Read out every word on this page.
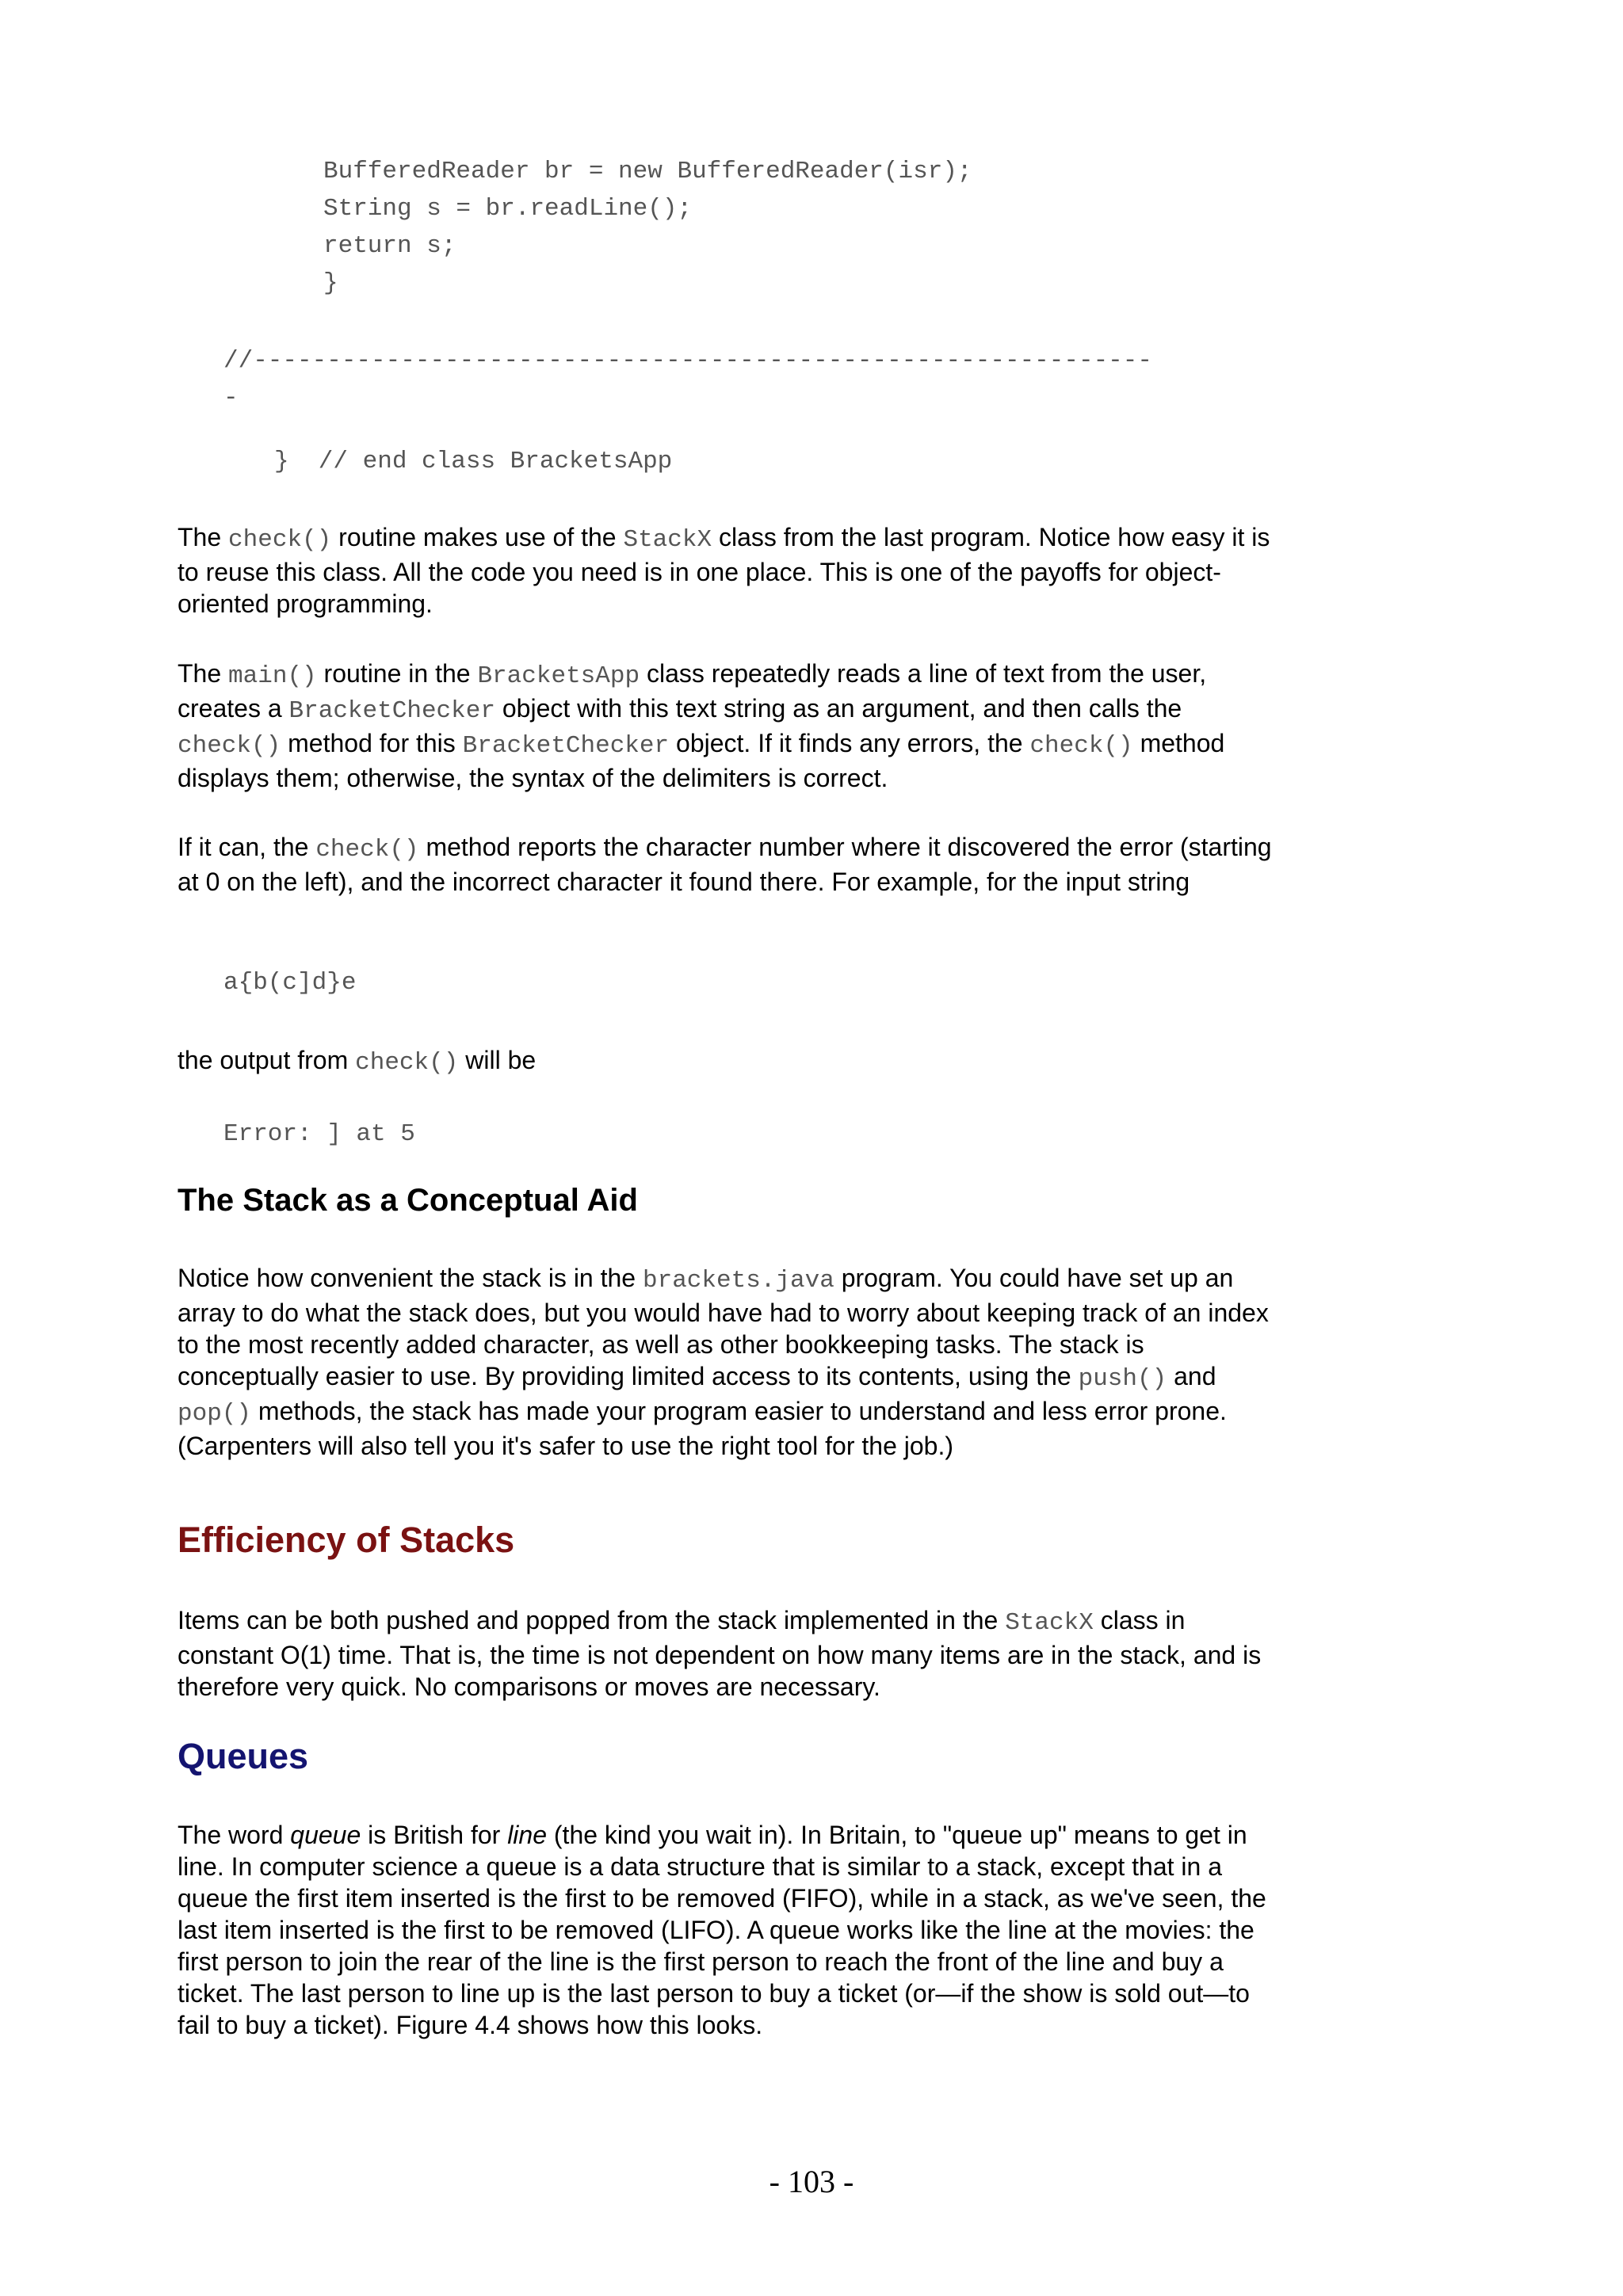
BufferedReader br = new BufferedReader(isr);
String s = br.readLine();
return s;
}
//-------------------------------------------------------------
-
}  // end class BracketsApp

The check() routine makes use of the StackX class from the last program. Notice how easy it is to reuse this class. All the code you need is in one place. This is one of the payoffs for object-oriented programming.

The main() routine in the BracketsApp class repeatedly reads a line of text from the user, creates a BracketChecker object with this text string as an argument, and then calls the check() method for this BracketChecker object. If it finds any errors, the check() method displays them; otherwise, the syntax of the delimiters is correct.

If it can, the check() method reports the character number where it discovered the error (starting at 0 on the left), and the incorrect character it found there. For example, for the input string

a{b(c]d}e

the output from check() will be

Error: ] at 5
The Stack as a Conceptual Aid

Notice how convenient the stack is in the brackets.java program. You could have set up an array to do what the stack does, but you would have had to worry about keeping track of an index to the most recently added character, as well as other bookkeeping tasks. The stack is conceptually easier to use. By providing limited access to its contents, using the push() and pop() methods, the stack has made your program easier to understand and less error prone. (Carpenters will also tell you it's safer to use the right tool for the job.)

Efficiency of Stacks

Items can be both pushed and popped from the stack implemented in the StackX class in constant O(1) time. That is, the time is not dependent on how many items are in the stack, and is therefore very quick. No comparisons or moves are necessary.

Queues

The word queue is British for line (the kind you wait in). In Britain, to "queue up" means to get in line. In computer science a queue is a data structure that is similar to a stack, except that in a queue the first item inserted is the first to be removed (FIFO), while in a stack, as we've seen, the last item inserted is the first to be removed (LIFO). A queue works like the line at the movies: the first person to join the rear of the line is the first person to reach the front of the line and buy a ticket. The last person to line up is the last person to buy a ticket (or—if the show is sold out—to fail to buy a ticket). Figure 4.4 shows how this looks.

- 103 -
